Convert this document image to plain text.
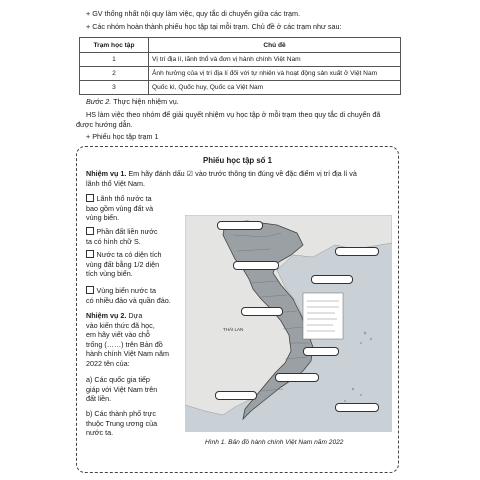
+ GV thống nhất nội quy làm việc, quy tắc di chuyển giữa các trạm.
+ Các nhóm hoàn thành phiếu học tập tại mỗi trạm. Chủ đề ở các trạm như sau:
Trạm học tập	Chủ đề
1	Vị trí địa lí, lãnh thổ và đơn vị hành chính Việt Nam
2	Ảnh hưởng của vị trí địa lí đối với tự nhiên và hoạt động sản xuất ở Việt Nam
3	Quốc kì, Quốc huy, Quốc ca Việt Nam
Bước 2. Thực hiện nhiệm vụ.
HS làm việc theo nhóm để giải quyết nhiệm vụ học tập ở mỗi trạm theo quy tắc di chuyển đã
được hướng dẫn.
+ Phiếu học tập trạm 1
Phiếu học tập số 1
Nhiệm vụ 1. Em hãy đánh dấu ☑ vào trước thông tin đúng về đặc điểm vị trí địa lí và
lãnh thổ Việt Nam.
Lãnh thổ nước ta
bao gồm vùng đất và
vùng biển.
Phần đất liền nước
ta có hình chữ S.
Nước ta có diện tích
vùng đất bằng 1/2 diện
tích vùng biển.
Vùng biển nước ta
có nhiều đảo và quần đảo.
Nhiệm vụ 2. Dựa
vào kiến thức đã học,
em hãy viết vào chỗ
trống (……) trên Bản đồ
hành chính Việt Nam năm
2022 tên của:
a) Các quốc gia tiếp
giáp với Việt Nam trên
đất liền.
b) Các thành phố trực
thuộc Trung ương của
nước ta.
THÁI LAN
Hình 1. Bản đồ hành chính Việt Nam năm 2022
